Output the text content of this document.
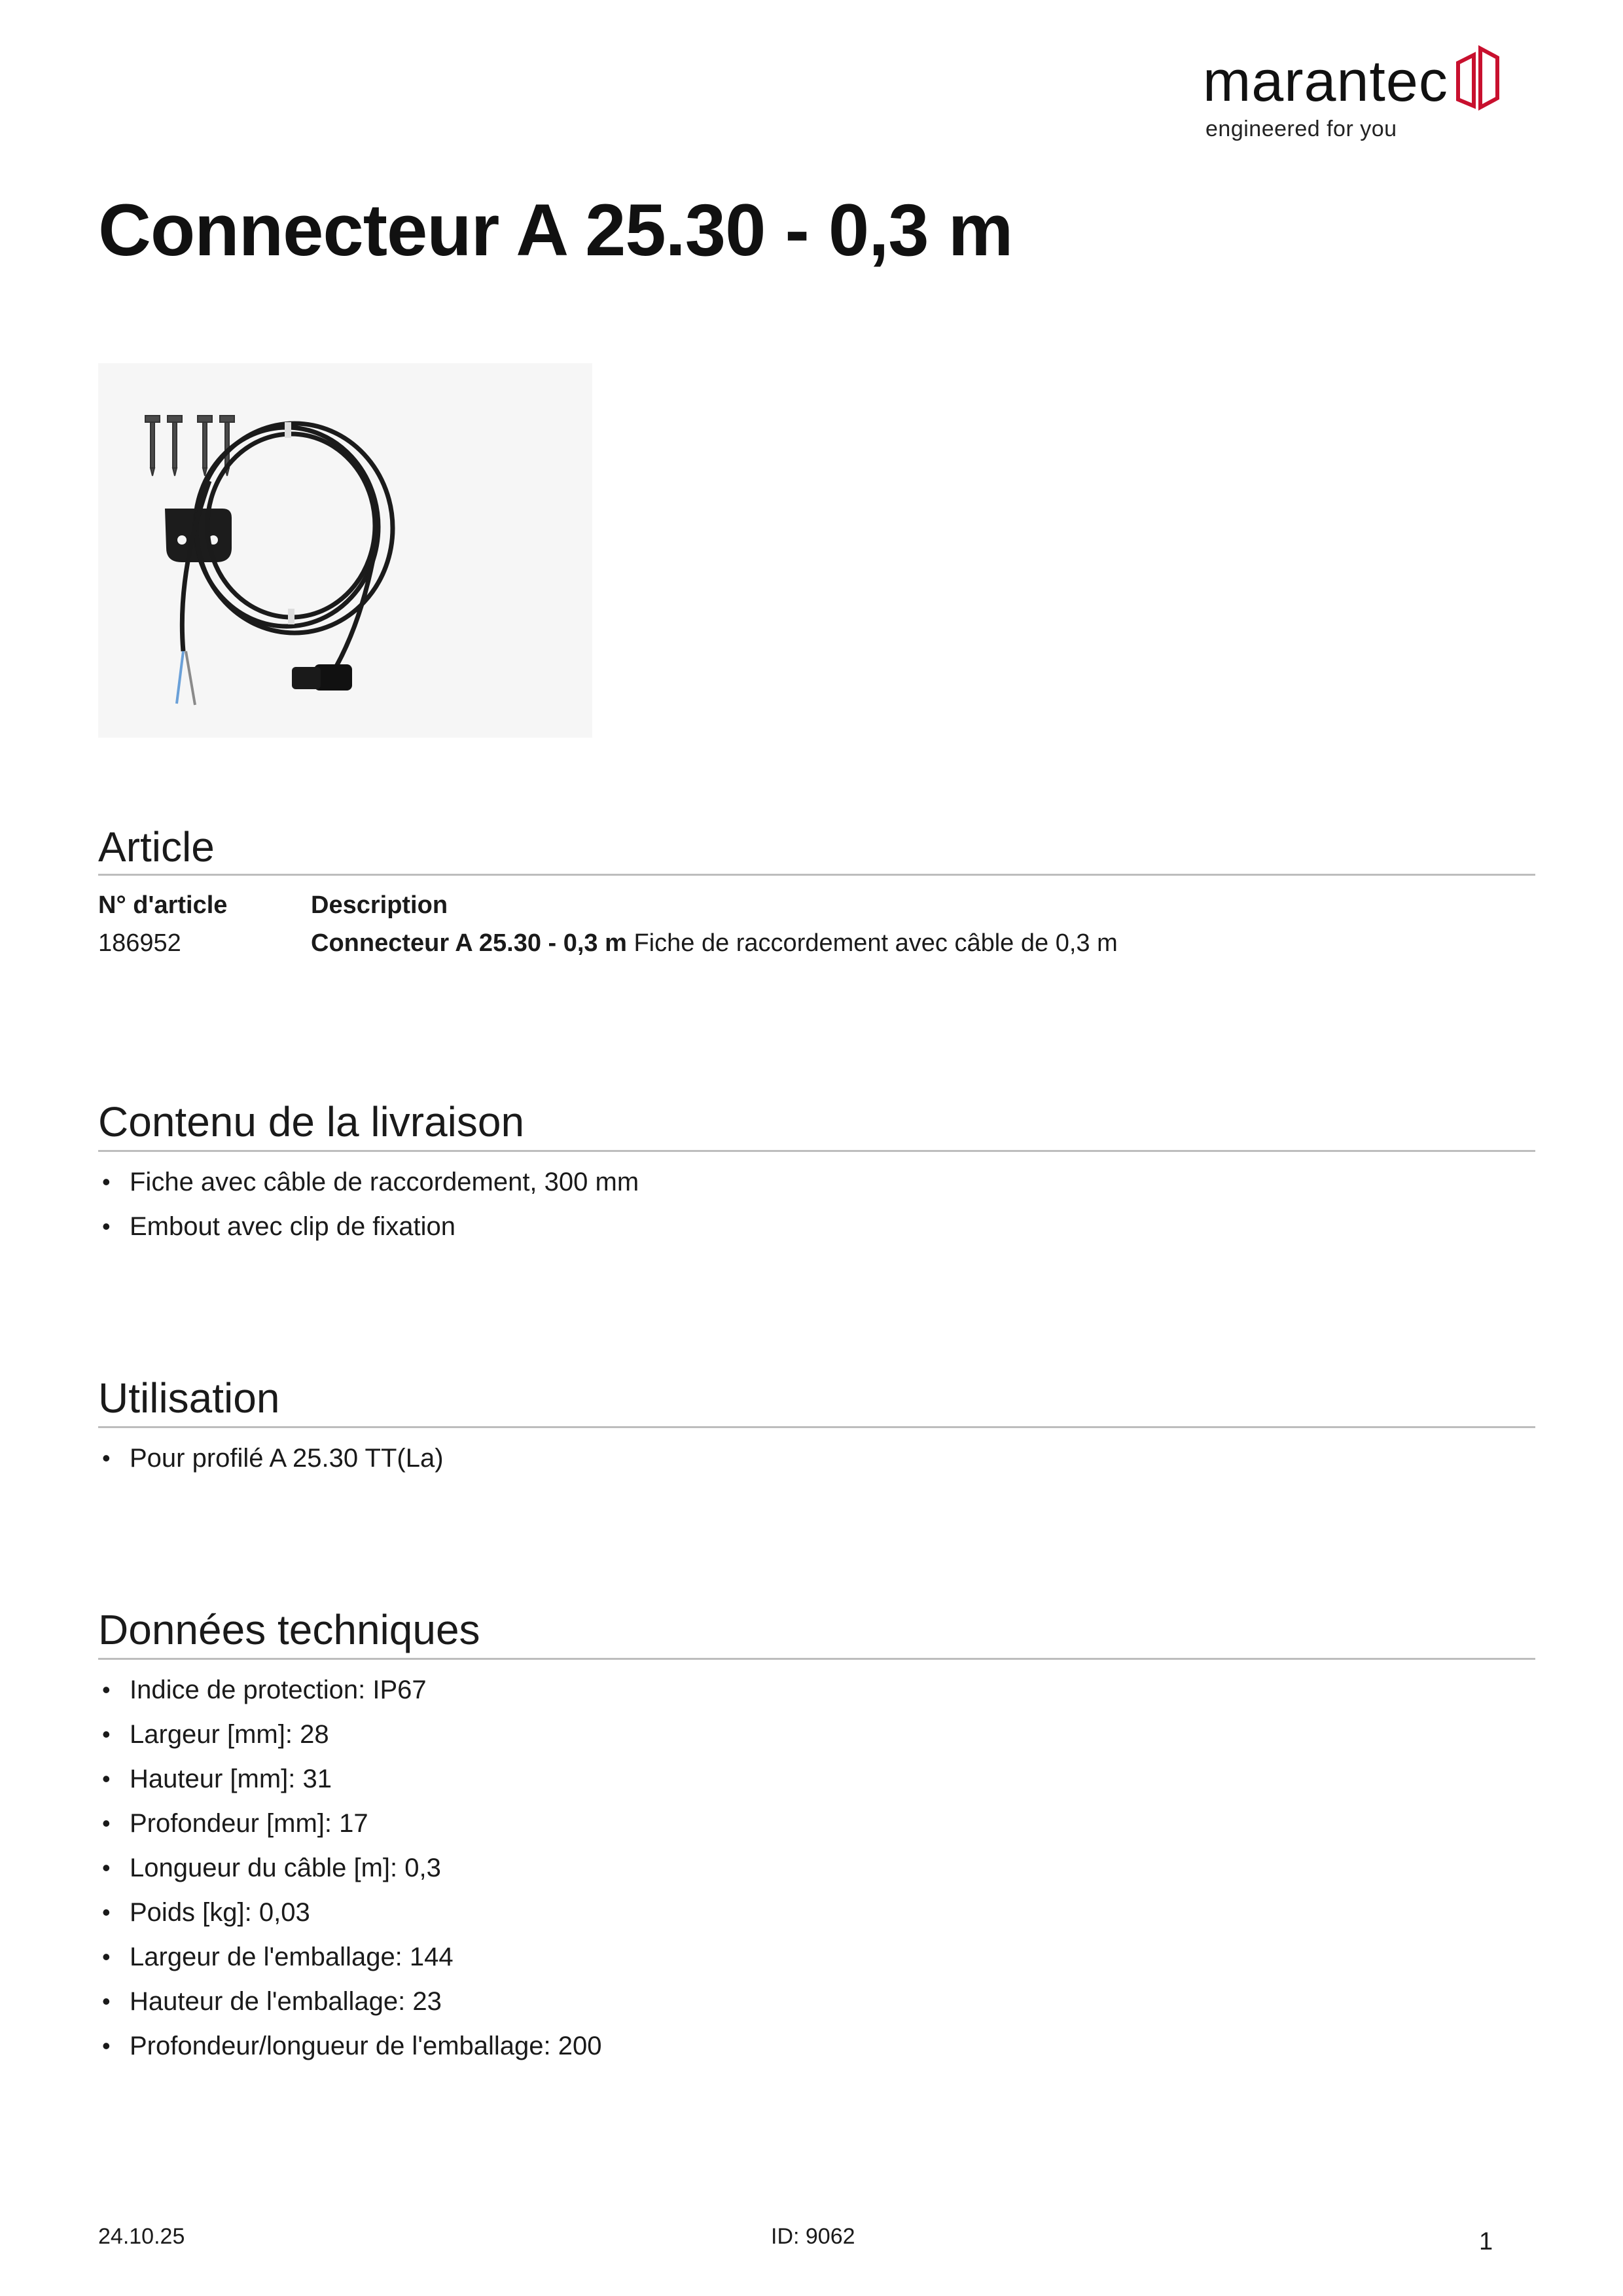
marantec
engineered for you
Connecteur A 25.30 - 0,3 m
Article
N° d'article	Description
186952	Connecteur A 25.30 - 0,3 m Fiche de raccordement avec câble de 0,3 m
Contenu de la livraison
• Fiche avec câble de raccordement, 300 mm
• Embout avec clip de fixation
Utilisation
• Pour profilé A 25.30 TT(La)
Données techniques
• Indice de protection: IP67
• Largeur [mm]: 28
• Hauteur [mm]: 31
• Profondeur [mm]: 17
• Longueur du câble [m]: 0,3
• Poids [kg]: 0,03
• Largeur de l'emballage: 144
• Hauteur de l'emballage: 23
• Profondeur/longueur de l'emballage: 200
24.10.25	ID: 9062	1
